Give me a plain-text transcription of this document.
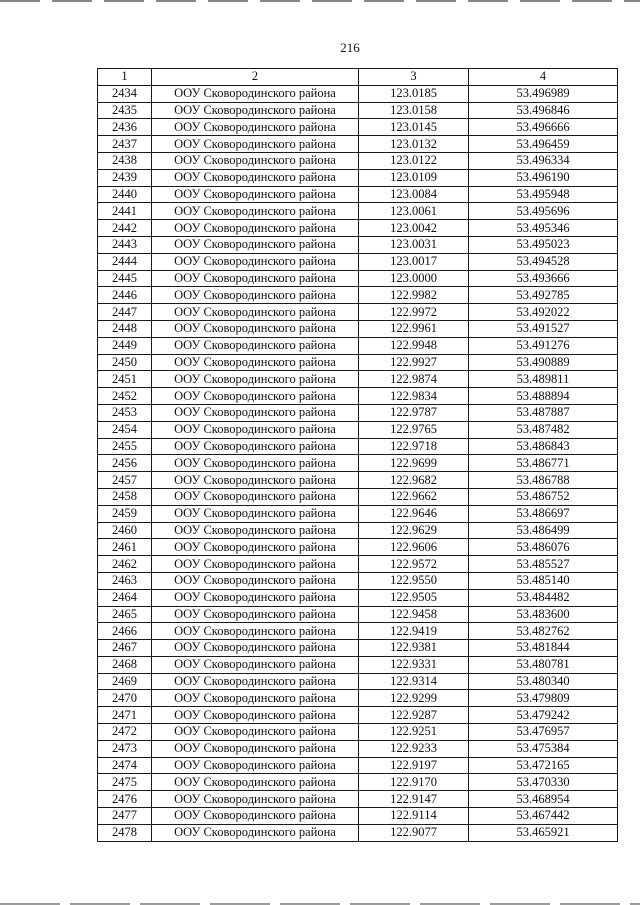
216
1	2	3	4
2434	ООУ Сковородинского района	123.0185	53.496989
2435	ООУ Сковородинского района	123.0158	53.496846
2436	ООУ Сковородинского района	123.0145	53.496666
2437	ООУ Сковородинского района	123.0132	53.496459
2438	ООУ Сковородинского района	123.0122	53.496334
2439	ООУ Сковородинского района	123.0109	53.496190
2440	ООУ Сковородинского района	123.0084	53.495948
2441	ООУ Сковородинского района	123.0061	53.495696
2442	ООУ Сковородинского района	123.0042	53.495346
2443	ООУ Сковородинского района	123.0031	53.495023
2444	ООУ Сковородинского района	123.0017	53.494528
2445	ООУ Сковородинского района	123.0000	53.493666
2446	ООУ Сковородинского района	122.9982	53.492785
2447	ООУ Сковородинского района	122.9972	53.492022
2448	ООУ Сковородинского района	122.9961	53.491527
2449	ООУ Сковородинского района	122.9948	53.491276
2450	ООУ Сковородинского района	122.9927	53.490889
2451	ООУ Сковородинского района	122.9874	53.489811
2452	ООУ Сковородинского района	122.9834	53.488894
2453	ООУ Сковородинского района	122.9787	53.487887
2454	ООУ Сковородинского района	122.9765	53.487482
2455	ООУ Сковородинского района	122.9718	53.486843
2456	ООУ Сковородинского района	122.9699	53.486771
2457	ООУ Сковородинского района	122.9682	53.486788
2458	ООУ Сковородинского района	122.9662	53.486752
2459	ООУ Сковородинского района	122.9646	53.486697
2460	ООУ Сковородинского района	122.9629	53.486499
2461	ООУ Сковородинского района	122.9606	53.486076
2462	ООУ Сковородинского района	122.9572	53.485527
2463	ООУ Сковородинского района	122.9550	53.485140
2464	ООУ Сковородинского района	122.9505	53.484482
2465	ООУ Сковородинского района	122.9458	53.483600
2466	ООУ Сковородинского района	122.9419	53.482762
2467	ООУ Сковородинского района	122.9381	53.481844
2468	ООУ Сковородинского района	122.9331	53.480781
2469	ООУ Сковородинского района	122.9314	53.480340
2470	ООУ Сковородинского района	122.9299	53.479809
2471	ООУ Сковородинского района	122.9287	53.479242
2472	ООУ Сковородинского района	122.9251	53.476957
2473	ООУ Сковородинского района	122.9233	53.475384
2474	ООУ Сковородинского района	122.9197	53.472165
2475	ООУ Сковородинского района	122.9170	53.470330
2476	ООУ Сковородинского района	122.9147	53.468954
2477	ООУ Сковородинского района	122.9114	53.467442
2478	ООУ Сковородинского района	122.9077	53.465921
